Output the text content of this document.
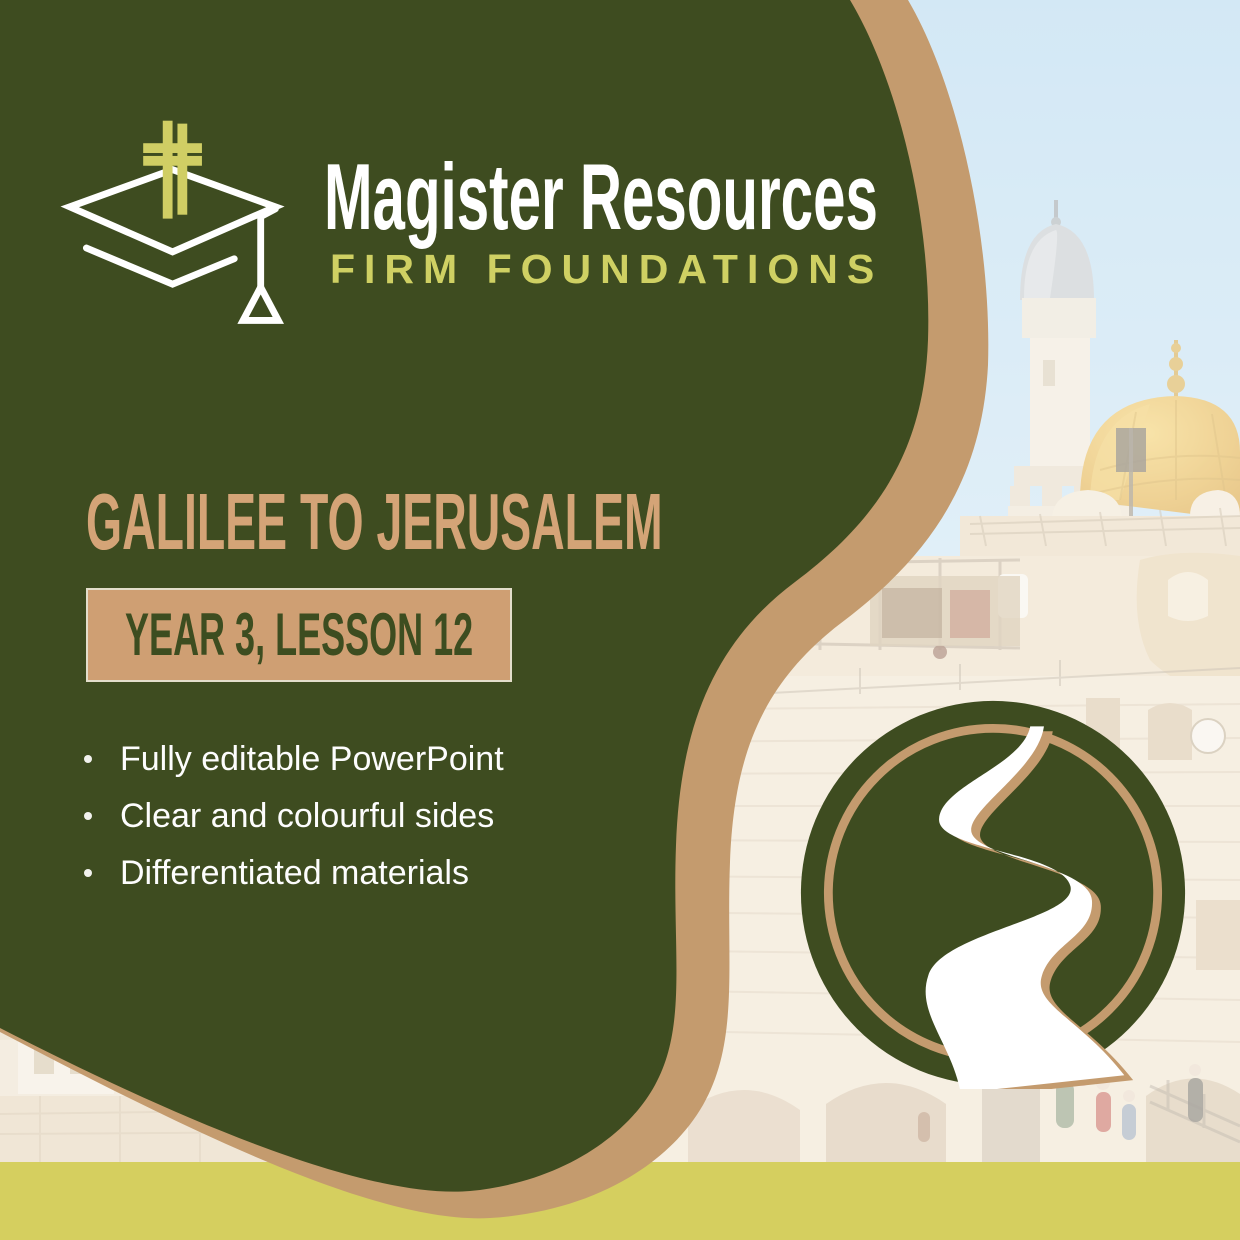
Magister Resources
FIRM FOUNDATIONS
GALILEE TO JERUSALEM
YEAR 3, LESSON 12
Fully editable PowerPoint
Clear and colourful sides
Differentiated materials
